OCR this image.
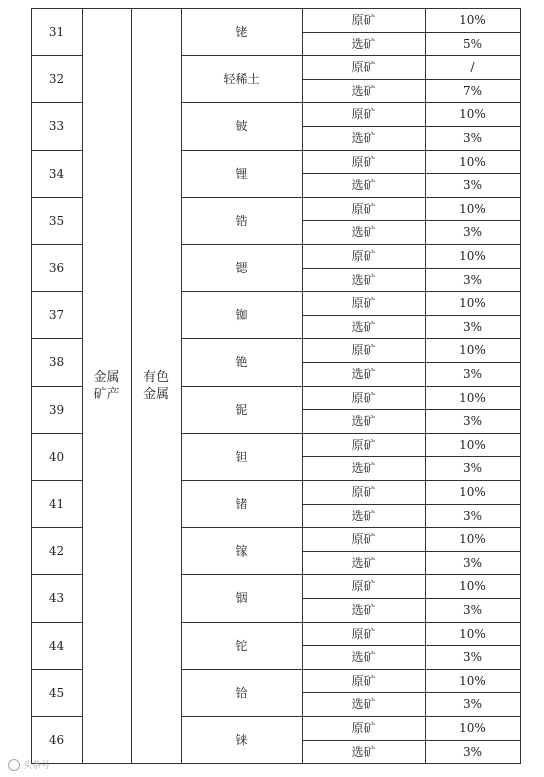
金属
矿产
有色
金属
31	铑
原矿	10%
选矿	5%
32	轻稀土
原矿	/
选矿	7%
33	铍
原矿	10%
选矿	3%
34	锂
原矿	10%
选矿	3%
35	锆
原矿	10%
选矿	3%
36	锶
原矿	10%
选矿	3%
37	铷
原矿	10%
选矿	3%
38	铯
原矿	10%
选矿	3%
39	铌
原矿	10%
选矿	3%
40	钽
原矿	10%
选矿	3%
41	锗
原矿	10%
选矿	3%
42	镓
原矿	10%
选矿	3%
43	铟
原矿	10%
选矿	3%
44	铊
原矿	10%
选矿	3%
45	铪
原矿	10%
选矿	3%
46	铼
原矿	10%
选矿	3%
头条号
